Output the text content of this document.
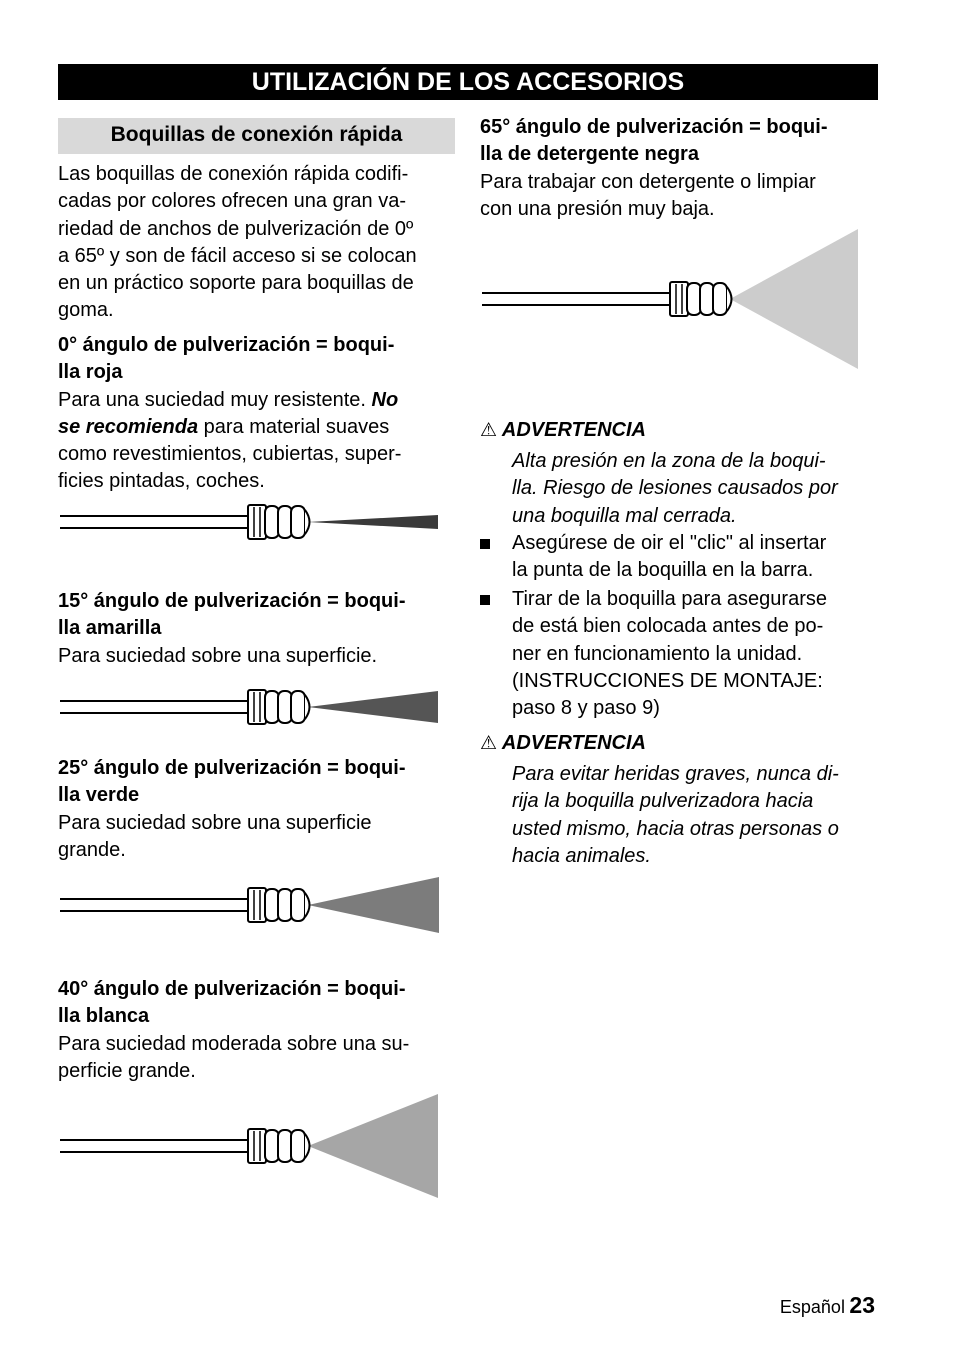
UTILIZACIÓN DE LOS ACCESORIOS
Boquillas de conexión rápida
Las boquillas de conexión rápida codifi-
cadas por colores ofrecen una gran va-
riedad de anchos de pulverización de 0º
a 65º y son de fácil acceso si se colocan
en un práctico soporte para boquillas de
goma.
0° ángulo de pulverización = boqui-
lla roja
Para una suciedad muy resistente. No
se recomienda para material suaves
como revestimientos, cubiertas, super-
ficies pintadas, coches.
15° ángulo de pulverización = boqui-
lla amarilla
Para suciedad sobre una superficie.
25° ángulo de pulverización = boqui-
lla verde
Para suciedad sobre una superficie
grande.
40° ángulo de pulverización = boqui-
lla blanca
Para suciedad moderada sobre una su-
perficie grande.
65° ángulo de pulverización = boqui-
lla de detergente negra
Para trabajar con detergente o limpiar
con una presión muy baja.
⚠ ADVERTENCIA
Alta presión en la zona de la boqui-
lla. Riesgo de lesiones causados por
una boquilla mal cerrada.
Asegúrese de oir el "clic" al insertar
la punta de la boquilla en la barra.
Tirar de la boquilla para asegurarse
de está bien colocada antes de po-
ner en funcionamiento la unidad.
(INSTRUCCIONES DE MONTAJE:
paso 8 y paso 9)
⚠ ADVERTENCIA
Para evitar heridas graves, nunca di-
rija la boquilla pulverizadora hacia
usted mismo, hacia otras personas o
hacia animales.
Español 23
